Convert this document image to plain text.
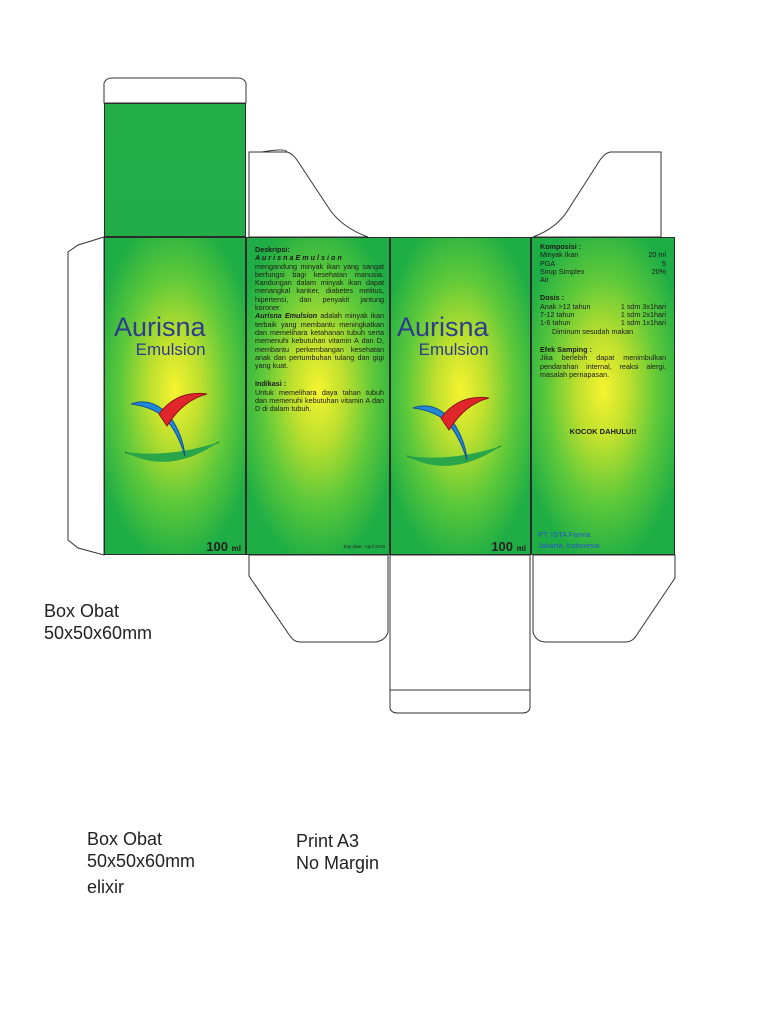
Aurisna
Emulsion
100 ml
Deskripsi:
A u r i s n a E m u l s i o n
mengandung minyak ikan yang sangat berfungsi bagi kesehatan manusia. Kandungan dalam minyak ikan dapat menangkal kanker, diabetes melitus, hipertensi, dan penyakit jantung koroner.
Aurisna Emulsion adalah minyak ikan terbaik yang membantu meningkatkan dan memelihara ketahanan tubuh serta memenuhi kebutuhan vitamin A dan D, membantu perkembangan kesehatan anak dan pertumbuhan tulang dan gigi yang kuat.
Indikasi :
Untuk memelihara daya tahan tubuh dan memenuhi kebutuhan vitamin A dan D di dalam tubuh.
Exp date : April 2018
Aurisna
Emulsion
100 ml
Komposisi :
Minyak Ikan	20 ml
PGA	5
Sirup Simplex	20%
Air
Dosis :
Anak >12 tahun	1 sdm 3x1hari
7-12 tahun	1 sdm 2x1hari
1-6 tahun	1 sdm 1x1hari
Diminum sesudah makan
Efek Samping :
Jika berlebih dapat menimbulkan pendarahan internal, reaksi alergi, masalah pernapasan.
KOCOK DAHULU!!
PT. ISTA Farma
Jakarta, Indonesia
Box Obat
50x50x60mm
Box Obat
50x50x60mm
elixir
Print A3
No Margin
